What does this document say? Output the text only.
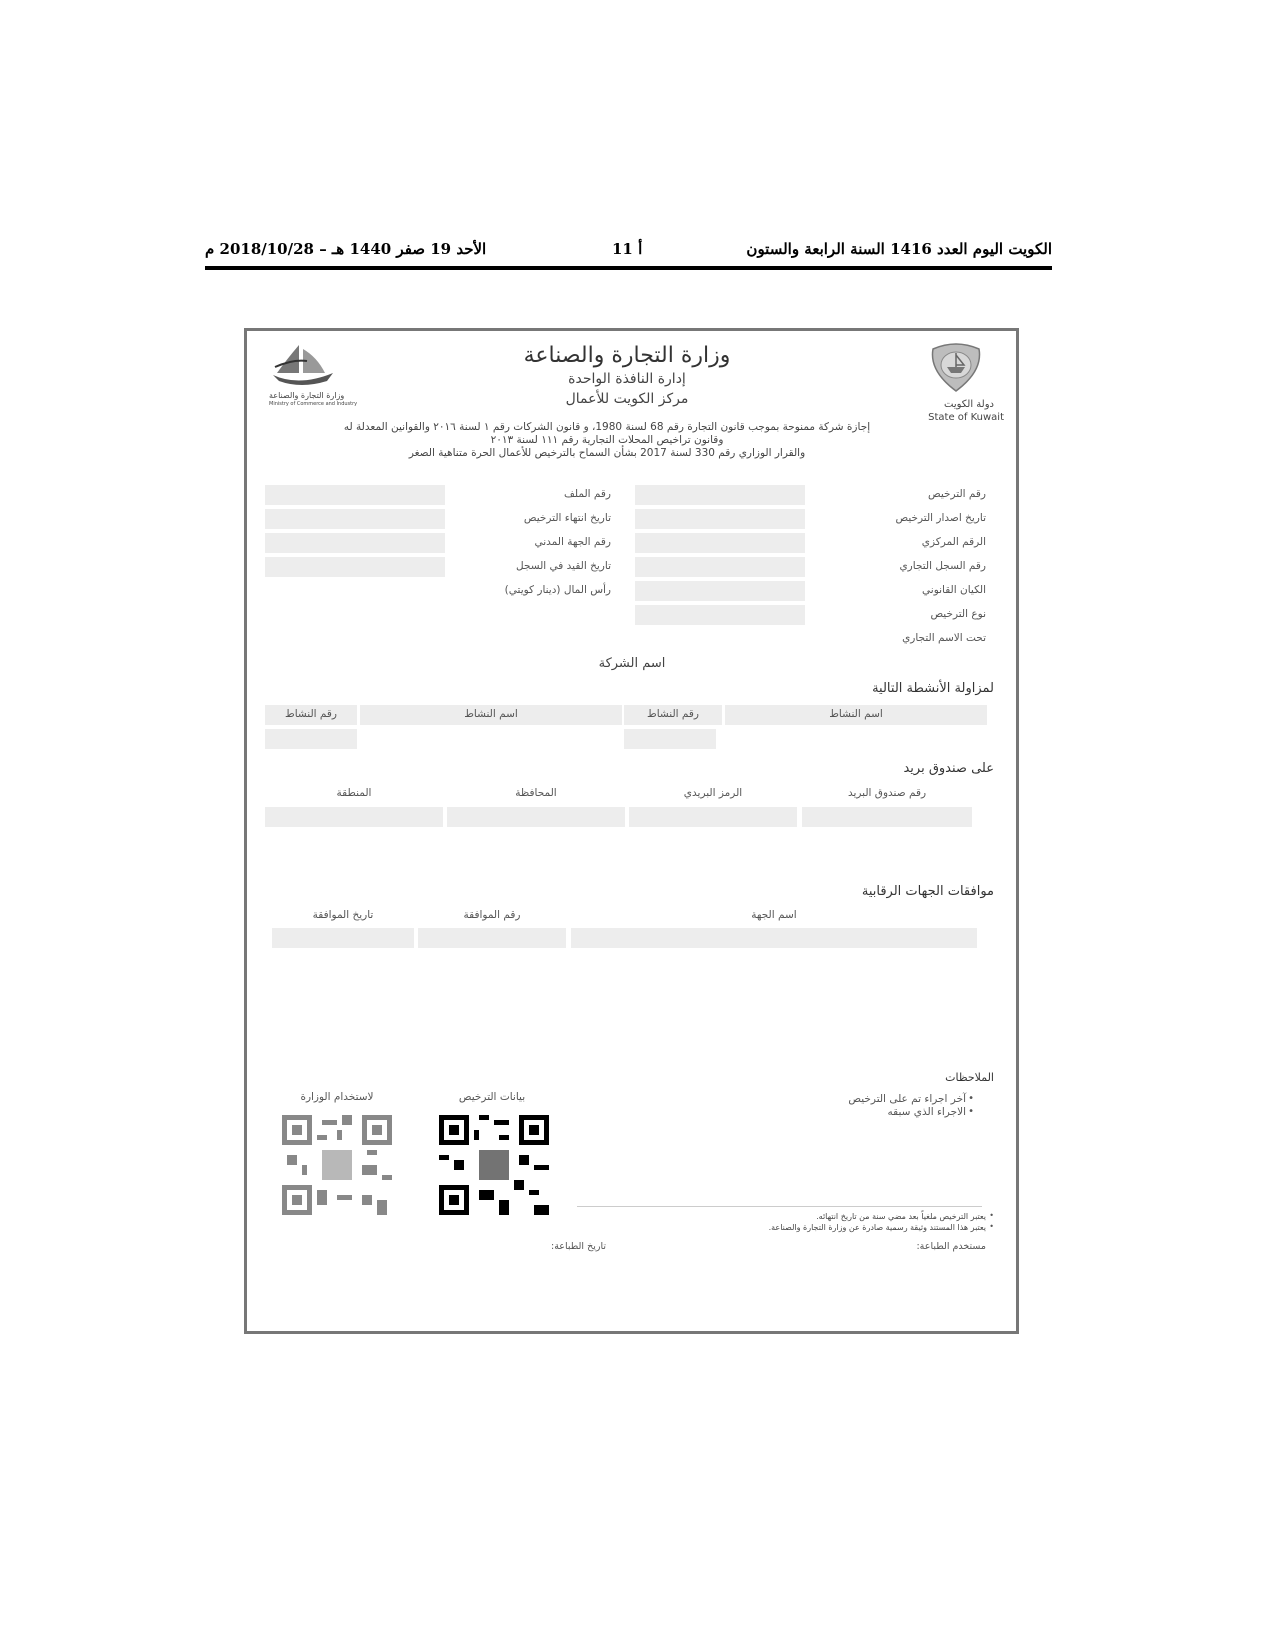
الكويت اليوم العدد 1416 السنة الرابعة والستون
11 أ
الأحد 19 صفر 1440 هـ – 2018/10/28 م
دولة الكويت
State of Kuwait
وزارة التجارة والصناعة
Ministry of Commerce and Industry
وزارة التجارة والصناعة
إدارة النافذة الواحدة
مركز الكويت للأعمال
إجازة شركة ممنوحة بموجب قانون التجارة رقم 68 لسنة 1980، و قانون الشركات رقم ١ لسنة ٢٠١٦ والقوانين المعدلة له
وقانون تراخيص المحلات التجارية رقم ١١١ لسنة ٢٠١٣
والقرار الوزاري رقم 330 لسنة 2017 بشأن السماح بالترخيص للأعمال الحرة متناهية الصغر
رقم الترخيص
تاريخ اصدار الترخيص
الرقم المركزي
رقم السجل التجاري
الكيان القانوني
نوع الترخيص
تحت الاسم التجاري
رقم الملف
تاريخ انتهاء الترخيص
رقم الجهة المدني
تاريخ القيد في السجل
رأس المال (دينار كويتي)
اسم الشركة
لمزاولة الأنشطة التالية
اسم النشاط
رقم النشاط
اسم النشاط
رقم النشاط
على صندوق بريد
رقم صندوق البريد
الرمز البريدي
المحافظة
المنطقة
موافقات الجهات الرقابية
اسم الجهة
رقم الموافقة
تاريخ الموافقة
الملاحظات
آخر اجراء تم على الترخيص
الاجراء الذي سبقه
•
•
بيانات الترخيص
لاستخدام الوزارة
يعتبر الترخيص ملغياً بعد مضي سنة من تاريخ انتهائه.
يعتبر هذا المستند وثيقة رسمية صادرة عن وزارة التجارة والصناعة.
•
•
مستخدم الطباعة:
تاريخ الطباعة:
